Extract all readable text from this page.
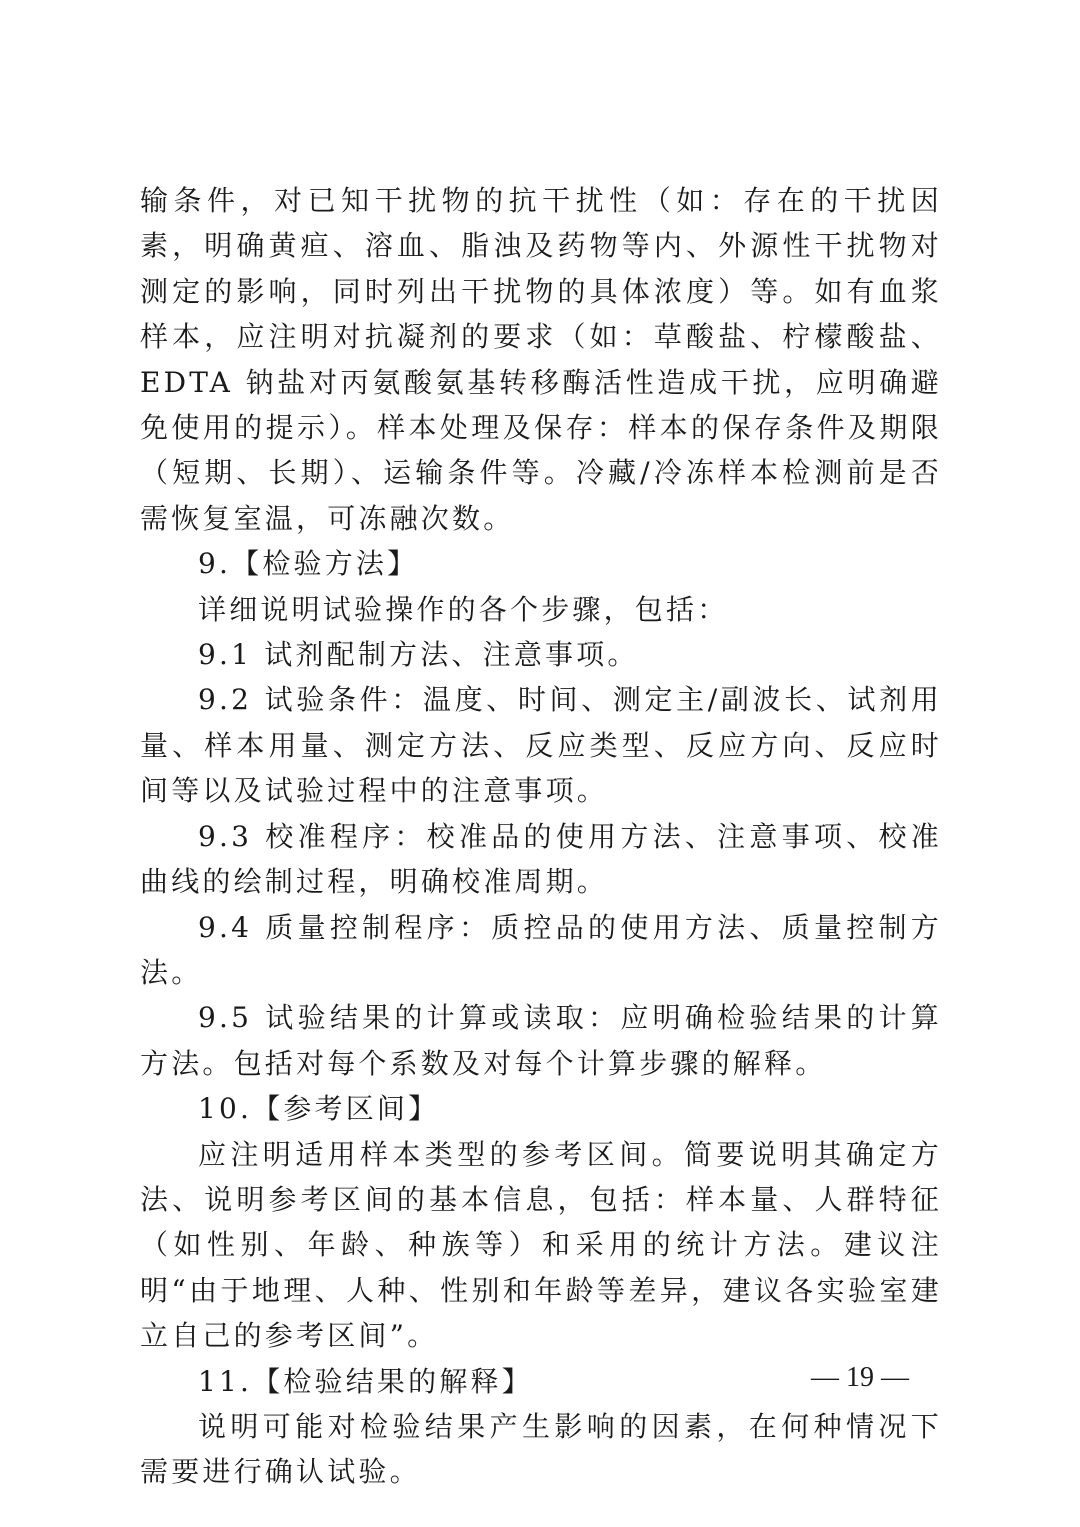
输条件，对已知干扰物的抗干扰性（如：存在的干扰因素，明确黄疸、溶血、脂浊及药物等内、外源性干扰物对测定的影响，同时列出干扰物的具体浓度）等。如有血浆样本，应注明对抗凝剂的要求（如：草酸盐、柠檬酸盐、EDTA 钠盐对丙氨酸氨基转移酶活性造成干扰，应明确避免使用的提示）。样本处理及保存：样本的保存条件及期限（短期、长期）、运输条件等。冷藏/冷冻样本检测前是否需恢复室温，可冻融次数。

9.【检验方法】

详细说明试验操作的各个步骤，包括：

9.1 试剂配制方法、注意事项。

9.2 试验条件：温度、时间、测定主/副波长、试剂用量、样本用量、测定方法、反应类型、反应方向、反应时间等以及试验过程中的注意事项。

9.3 校准程序：校准品的使用方法、注意事项、校准曲线的绘制过程，明确校准周期。

9.4 质量控制程序：质控品的使用方法、质量控制方法。

9.5 试验结果的计算或读取：应明确检验结果的计算方法。包括对每个系数及对每个计算步骤的解释。

10.【参考区间】

应注明适用样本类型的参考区间。简要说明其确定方法、说明参考区间的基本信息，包括：样本量、人群特征（如性别、年龄、种族等）和采用的统计方法。建议注明“由于地理、人种、性别和年龄等差异，建议各实验室建立自己的参考区间”。

11.【检验结果的解释】

说明可能对检验结果产生影响的因素，在何种情况下需要进行确认试验。

— 19 —
